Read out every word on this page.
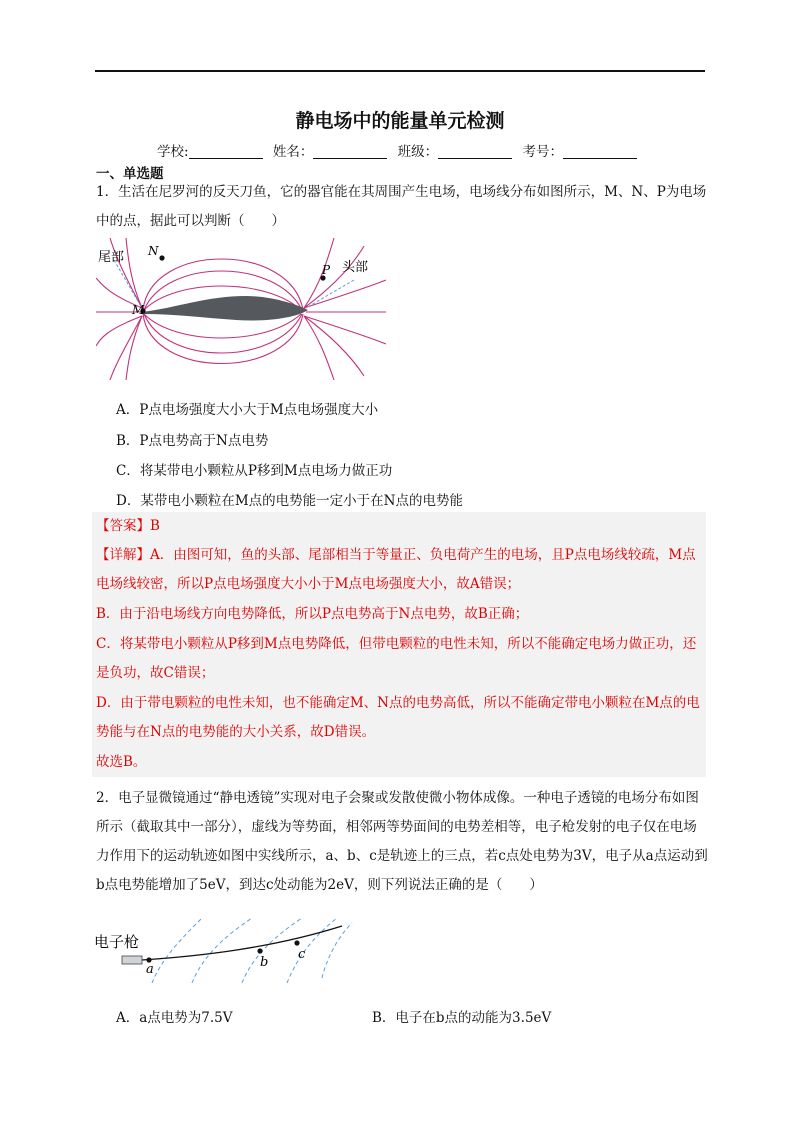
静电场中的能量单元检测
学校:	姓名：	班级：	考号：
一、单选题
1．生活在尼罗河的反天刀鱼，它的器官能在其周围产生电场，电场线分布如图所示，M、N、P为电场中的点，据此可以判断（　　）
尾部
头部
M
N
P
A．P点电场强度大小大于M点电场强度大小
B．P点电势高于N点电势
C．将某带电小颗粒从P移到M点电场力做正功
D．某带电小颗粒在M点的电势能一定小于在N点的电势能
【答案】B
【详解】A．由图可知，鱼的头部、尾部相当于等量正、负电荷产生的电场，且P点电场线较疏，M点电场线较密，所以P点电场强度大小小于M点电场强度大小，故A错误；
B．由于沿电场线方向电势降低，所以P点电势高于N点电势，故B正确；
C．将某带电小颗粒从P移到M点电势降低，但带电颗粒的电性未知，所以不能确定电场力做正功，还是负功，故C错误；
D．由于带电颗粒的电性未知，也不能确定M、N点的电势高低，所以不能确定带电小颗粒在M点的电势能与在N点的电势能的大小关系，故D错误。
故选B。
2．电子显微镜通过“静电透镜”实现对电子会聚或发散使微小物体成像。一种电子透镜的电场分布如图所示（截取其中一部分），虚线为等势面，相邻两等势面间的电势差相等，电子枪发射的电子仅在电场力作用下的运动轨迹如图中实线所示，a、b、c是轨迹上的三点，若c点处电势为3V，电子从a点运动到b点电势能增加了5eV，到达c处动能为2eV，则下列说法正确的是（　　）
电子枪
a	b
c
A．a点电势为7.5V	B．电子在b点的动能为3.5eV
